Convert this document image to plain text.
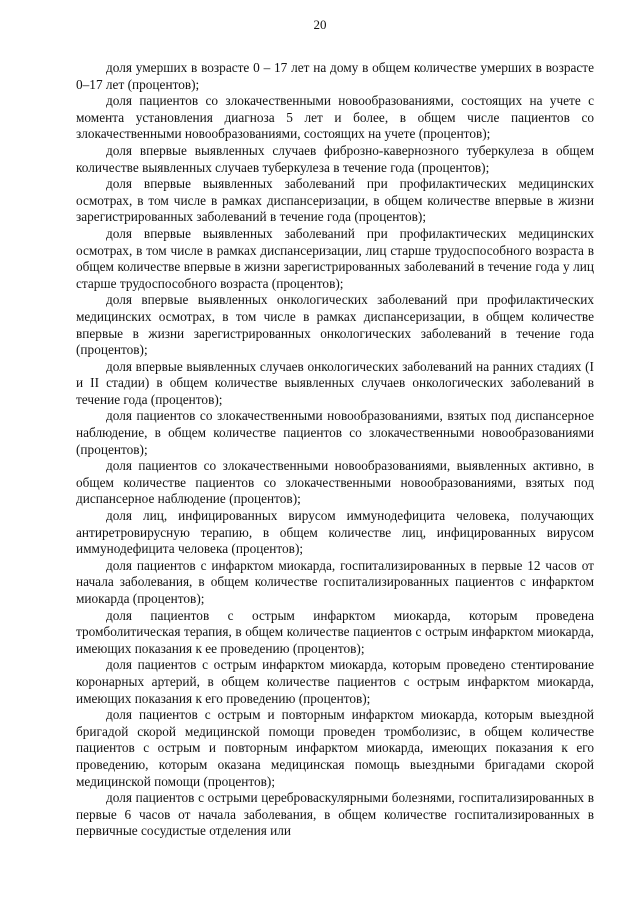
20

доля умерших в возрасте 0 – 17 лет на дому в общем количестве умерших в возрасте 0–17 лет (процентов);

доля пациентов со злокачественными новообразованиями, состоящих на учете с момента установления диагноза 5 лет и более, в общем числе пациентов со злокачественными новообразованиями, состоящих на учете (процентов);

доля впервые выявленных случаев фиброзно-кавернозного туберкулеза в общем количестве выявленных случаев туберкулеза в течение года (процентов);

доля впервые выявленных заболеваний при профилактических медицинских осмотрах, в том числе в рамках диспансеризации, в общем количестве впервые в жизни зарегистрированных заболеваний в течение года (процентов);

доля впервые выявленных заболеваний при профилактических медицинских осмотрах, в том числе в рамках диспансеризации, лиц старше трудоспособного возраста в общем количестве впервые в жизни зарегистрированных заболеваний в течение года у лиц старше трудоспособного возраста (процентов);

доля впервые выявленных онкологических заболеваний при профилактических медицинских осмотрах, в том числе в рамках диспансеризации, в общем количестве впервые в жизни зарегистрированных онкологических заболеваний в течение года (процентов);

доля впервые выявленных случаев онкологических заболеваний на ранних стадиях (I и II стадии) в общем количестве выявленных случаев онкологических заболеваний в течение года (процентов);

доля пациентов со злокачественными новообразованиями, взятых под диспансерное наблюдение, в общем количестве пациентов со злокачественными новообразованиями (процентов);

доля пациентов со злокачественными новообразованиями, выявленных активно, в общем количестве пациентов со злокачественными новообразованиями, взятых под диспансерное наблюдение (процентов);

доля лиц, инфицированных вирусом иммунодефицита человека, получающих антиретровирусную терапию, в общем количестве лиц, инфицированных вирусом иммунодефицита человека (процентов);

доля пациентов с инфарктом миокарда, госпитализированных в первые 12 часов от начала заболевания, в общем количестве госпитализированных пациентов с инфарктом миокарда (процентов);

доля пациентов с острым инфарктом миокарда, которым проведена тромболитическая терапия, в общем количестве пациентов с острым инфарктом миокарда, имеющих показания к ее проведению (процентов);

доля пациентов с острым инфарктом миокарда, которым проведено стентирование коронарных артерий, в общем количестве пациентов с острым инфарктом миокарда, имеющих показания к его проведению (процентов);

доля пациентов с острым и повторным инфарктом миокарда, которым выездной бригадой скорой медицинской помощи проведен тромболизис, в общем количестве пациентов с острым и повторным инфарктом миокарда, имеющих показания к его проведению, которым оказана медицинская помощь выездными бригадами скорой медицинской помощи (процентов);

доля пациентов с острыми цереброваскулярными болезнями, госпитализированных в первые 6 часов от начала заболевания, в общем количестве госпитализированных в первичные сосудистые отделения или
